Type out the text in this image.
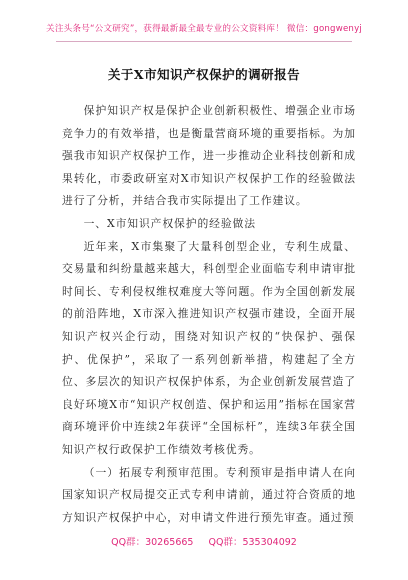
关注头条号“公文研究”，获得最新最全最专业的公文资料库！ 微信：gongwenyj
关于X市知识产权保护的调研报告

保护知识产权是保护企业创新积极性、增强企业市场竞争力的有效举措，也是衡量营商环境的重要指标。为加强我市知识产权保护工作，进一步推动企业科技创新和成果转化，市委政研室对X市知识产权保护工作的经验做法进行了分析，并结合我市实际提出了工作建议。

一、X市知识产权保护的经验做法

近年来，X市集聚了大量科创型企业，专利生成量、交易量和纠纷量越来越大，科创型企业面临专利申请审批时间长、专利侵权维权难度大等问题。作为全国创新发展的前沿阵地，X市深入推进知识产权强市建设，全面开展知识产权兴企行动，围绕对知识产权的“快保护、强保护、优保护”，采取了一系列创新举措，构建起了全方位、多层次的知识产权保护体系，为企业创新发展营造了良好环境X市“知识产权创造、保护和运用”指标在国家营商环境评价中连续2年获评“全国标杆”，连续3年获全国知识产权行政保护工作绩效考核优秀。

（一）拓展专利预审范围。专利预审是指申请人在向国家知识产权局提交正式专利申请前，通过符合资质的地方知识产权保护中心，对申请文件进行预先审查。通过预

QQ群：30265665 QQ群：535304092
